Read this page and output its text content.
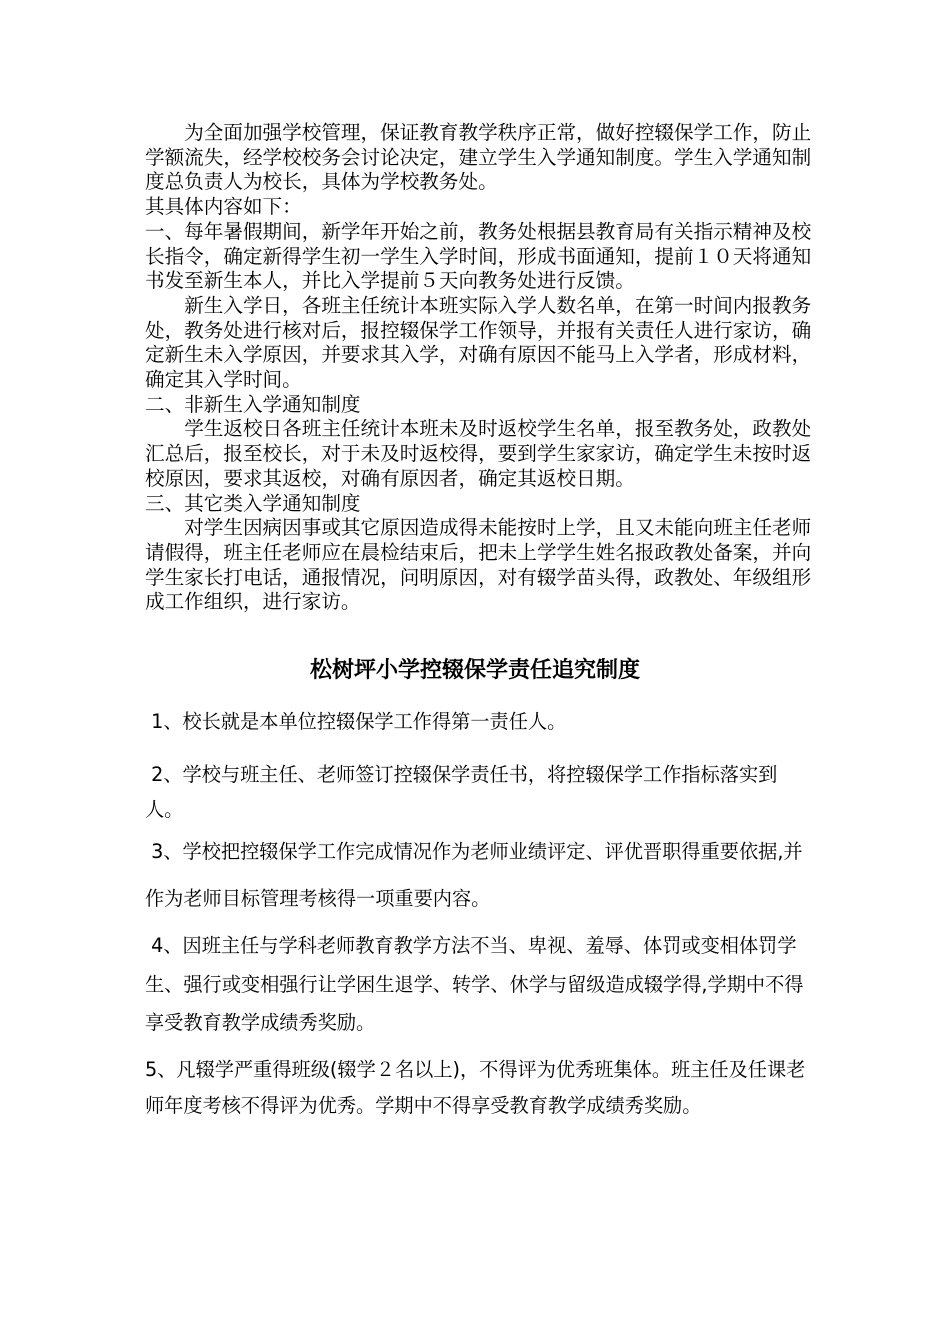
为全面加强学校管理，保证教育教学秩序正常，做好控辍保学工作，防止学额流失，经学校校务会讨论决定，建立学生入学通知制度。学生入学通知制度总负责人为校长，具体为学校教务处。

其具体内容如下：

一、每年暑假期间，新学年开始之前，教务处根据县教育局有关指示精神及校长指令，确定新得学生初一学生入学时间，形成书面通知，提前１０天将通知书发至新生本人，并比入学提前５天向教务处进行反馈。

新生入学日，各班主任统计本班实际入学人数名单，在第一时间内报教务处，教务处进行核对后，报控辍保学工作领导，并报有关责任人进行家访，确定新生未入学原因，并要求其入学，对确有原因不能马上入学者，形成材料，确定其入学时间。

二、非新生入学通知制度

学生返校日各班主任统计本班未及时返校学生名单，报至教务处，政教处汇总后，报至校长，对于未及时返校得，要到学生家家访，确定学生未按时返校原因，要求其返校，对确有原因者，确定其返校日期。

三、其它类入学通知制度

对学生因病因事或其它原因造成得未能按时上学，且又未能向班主任老师请假得，班主任老师应在晨检结束后，把未上学学生姓名报政教处备案，并向学生家长打电话，通报情况，问明原因，对有辍学苗头得，政教处、年级组形成工作组织，进行家访。

松树坪小学控辍保学责任追究制度

1、校长就是本单位控辍保学工作得第一责任人。

2、学校与班主任、老师签订控辍保学责任书，将控辍保学工作指标落实到人。

3、学校把控辍保学工作完成情况作为老师业绩评定、评优晋职得重要依据,并作为老师目标管理考核得一项重要内容。

4、因班主任与学科老师教育教学方法不当、卑视、羞辱、体罚或变相体罚学生、强行或变相强行让学困生退学、转学、休学与留级造成辍学得,学期中不得享受教育教学成绩秀奖励。

5、凡辍学严重得班级(辍学２名以上)，不得评为优秀班集体。班主任及任课老师年度考核不得评为优秀。学期中不得享受教育教学成绩秀奖励。
